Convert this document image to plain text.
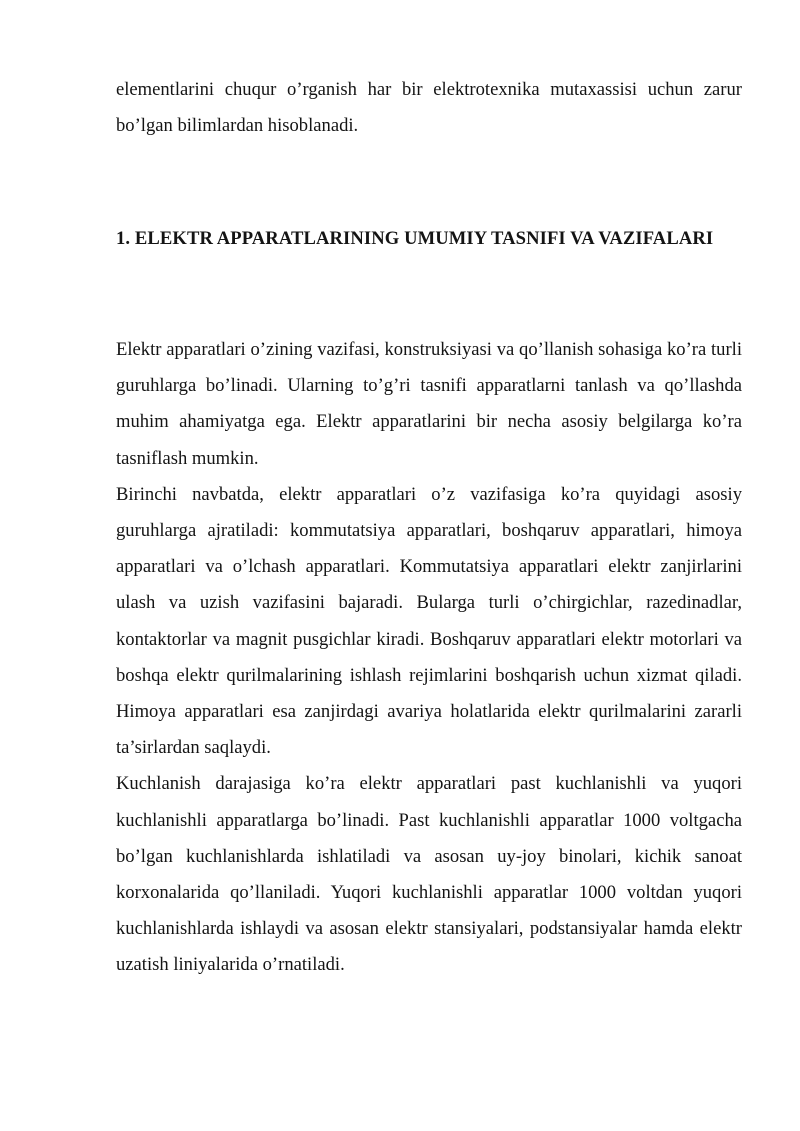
elementlarini chuqur o’rganish har bir elektrotexnika mutaxassisi uchun zarur bo’lgan bilimlardan hisoblanadi.

1. ELEKTR APPARATLARINING UMUMIY TASNIFI VA VAZIFALARI

Elektr apparatlari o’zining vazifasi, konstruksiyasi va qo’llanish sohasiga ko’ra turli guruhlarga bo’linadi. Ularning to’g’ri tasnifi apparatlarni tanlash va qo’llashda muhim ahamiyatga ega. Elektr apparatlarini bir necha asosiy belgilarga ko’ra tasniflash mumkin.

Birinchi navbatda, elektr apparatlari o’z vazifasiga ko’ra quyidagi asosiy guruhlarga ajratiladi: kommutatsiya apparatlari, boshqaruv apparatlari, himoya apparatlari va o’lchash apparatlari. Kommutatsiya apparatlari elektr zanjirlarini ulash va uzish vazifasini bajaradi. Bularga turli o’chirgichlar, razedinadlar, kontaktorlar va magnit pusgichlar kiradi. Boshqaruv apparatlari elektr motorlari va boshqa elektr qurilmalarining ishlash rejimlarini boshqarish uchun xizmat qiladi. Himoya apparatlari esa zanjirdagi avariya holatlarida elektr qurilmalarini zararli ta’sirlardan saqlaydi.

Kuchlanish darajasiga ko’ra elektr apparatlari past kuchlanishli va yuqori kuchlanishli apparatlarga bo’linadi. Past kuchlanishli apparatlar 1000 voltgacha bo’lgan kuchlanishlarda ishlatiladi va asosan uy-joy binolari, kichik sanoat korxonalarida qo’llaniladi. Yuqori kuchlanishli apparatlar 1000 voltdan yuqori kuchlanishlarda ishlaydi va asosan elektr stansiyalari, podstansiyalar hamda elektr uzatish liniyalarida o’rnatiladi.
